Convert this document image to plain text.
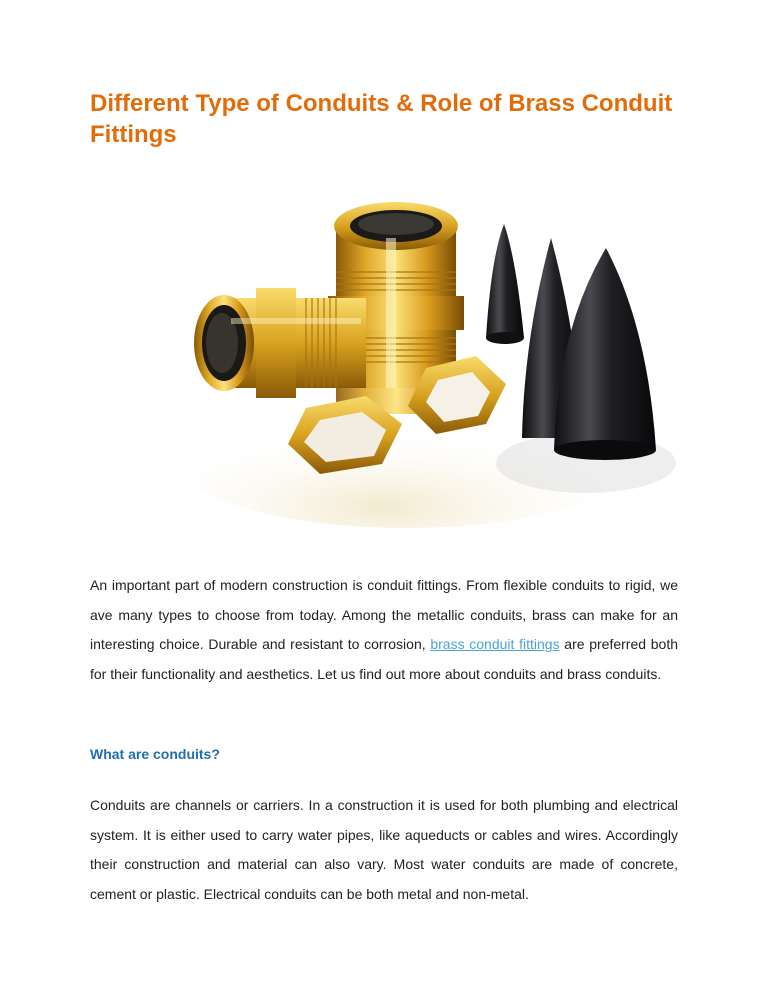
Different Type of Conduits & Role of Brass Conduit Fittings

An important part of modern construction is conduit fittings. From flexible conduits to rigid, we ave many types to choose from today. Among the metallic conduits, brass can make for an interesting choice. Durable and resistant to corrosion, brass conduit fittings are preferred both for their functionality and aesthetics. Let us find out more about conduits and brass conduits.

What are conduits?

Conduits are channels or carriers. In a construction it is used for both plumbing and electrical system. It is either used to carry water pipes, like aqueducts or cables and wires. Accordingly their construction and material can also vary. Most water conduits are made of concrete, cement or plastic. Electrical conduits can be both metal and non-metal.
